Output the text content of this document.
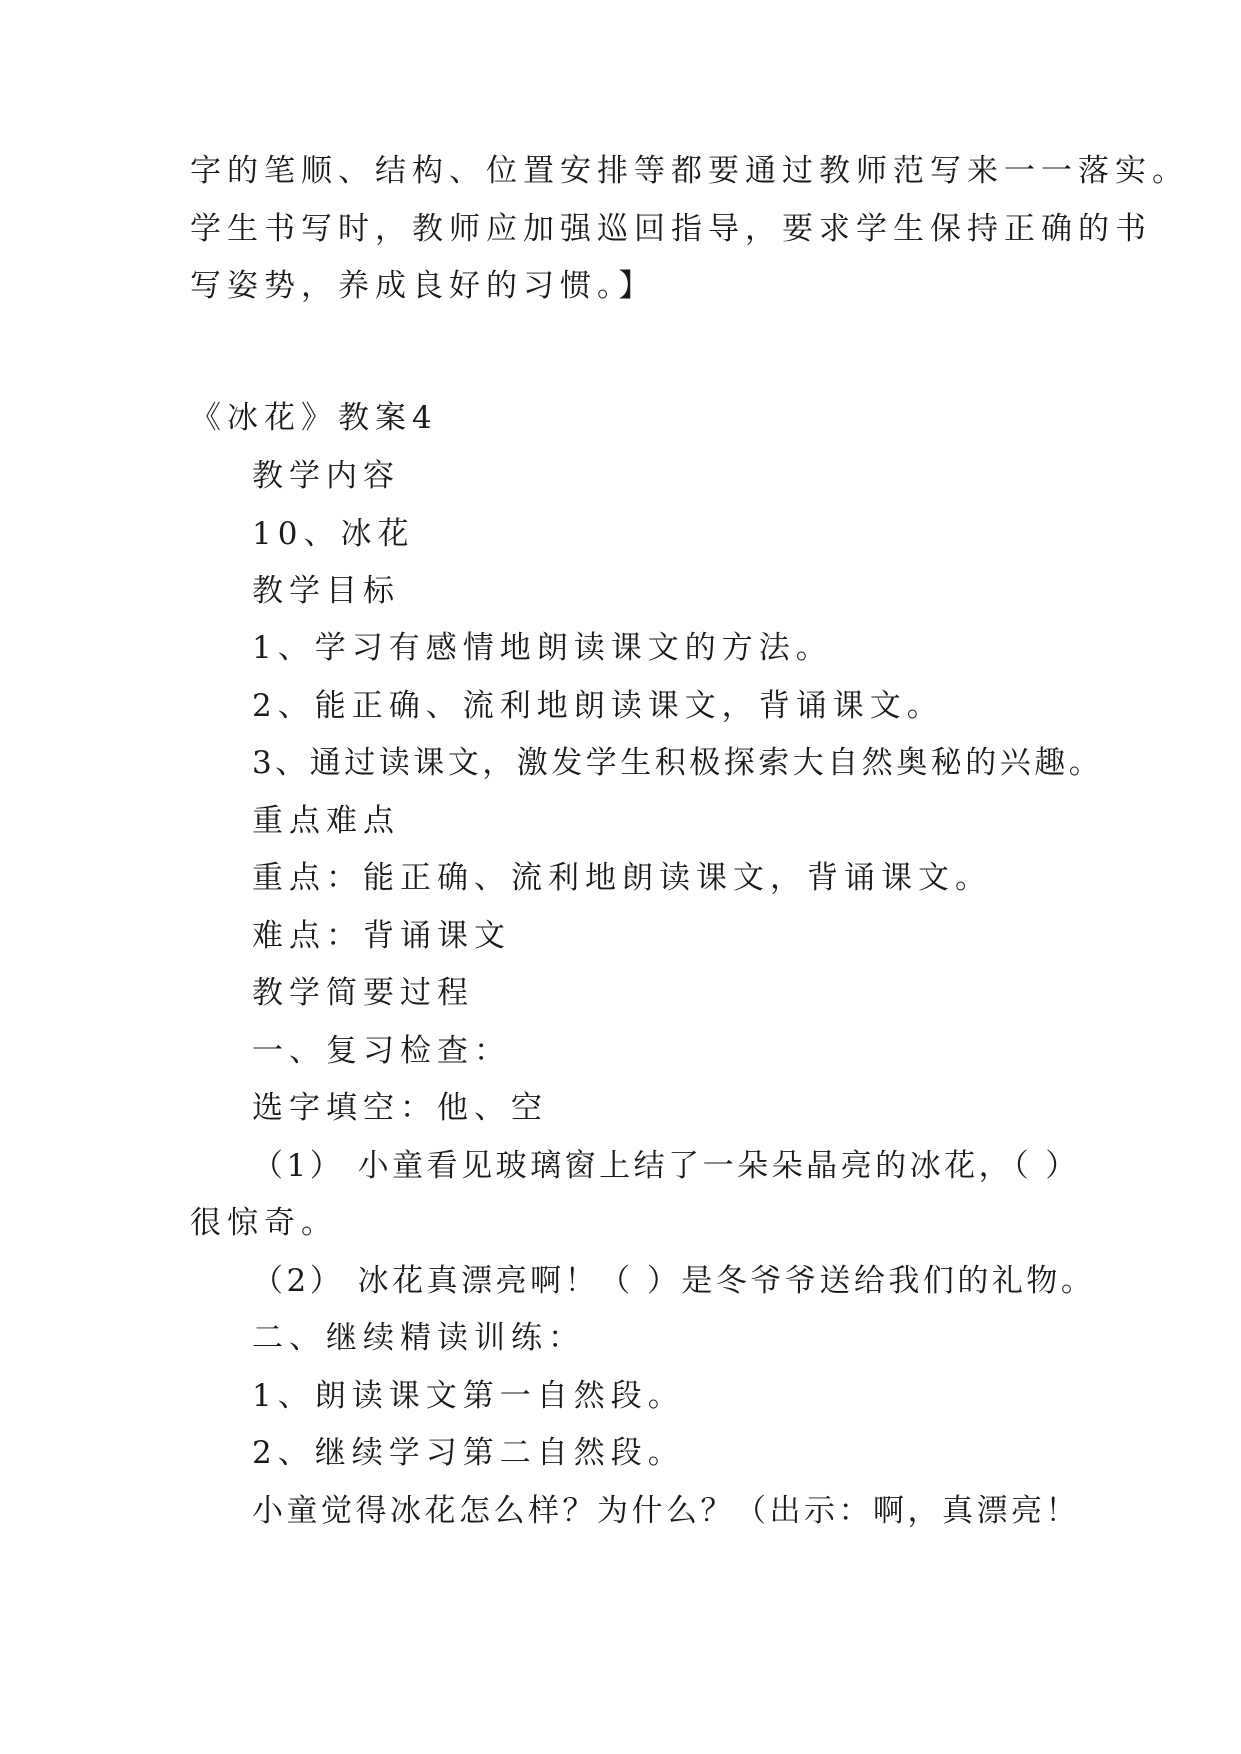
字的笔顺、结构、位置安排等都要通过教师范写来一一落实。
学生书写时，教师应加强巡回指导，要求学生保持正确的书
写姿势，养成良好的习惯。】
《冰花》教案4
教学内容
10、冰花
教学目标
1、学习有感情地朗读课文的方法。
2、能正确、流利地朗读课文，背诵课文。
3、通过读课文，激发学生积极探索大自然奥秘的兴趣。
重点难点
重点：能正确、流利地朗读课文，背诵课文。
难点：背诵课文
教学简要过程
一、复习检查：
选字填空：他、空
（1） 小童看见玻璃窗上结了一朵朵晶亮的冰花，（ ）
很惊奇。
（2） 冰花真漂亮啊！（ ）是冬爷爷送给我们的礼物。
二、继续精读训练：
1、朗读课文第一自然段。
2、继续学习第二自然段。
小童觉得冰花怎么样？为什么？（出示：啊，真漂亮！
